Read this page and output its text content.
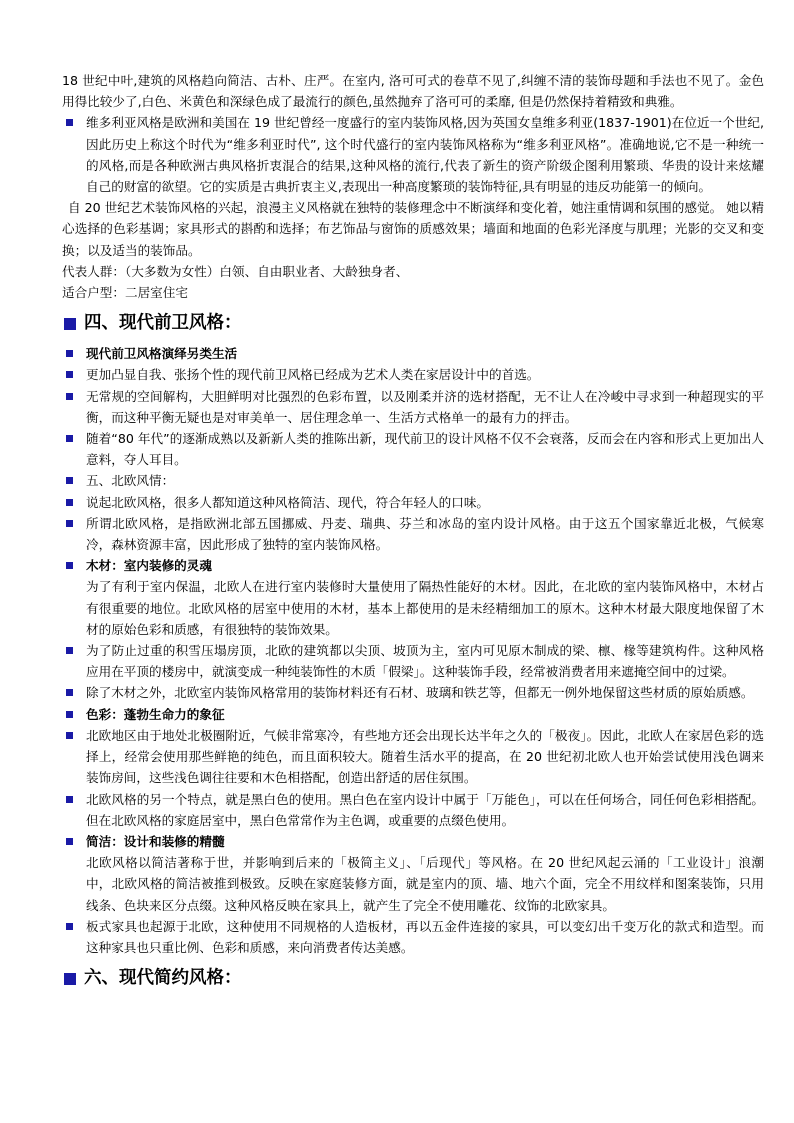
18 世纪中叶,建筑的风格趋向简洁、古朴、庄严。在室内, 洛可可式的卷草不见了,纠缠不清的装饰母题和手法也不见了。金色用得比较少了,白色、米黄色和深绿色成了最流行的颜色,虽然抛弃了洛可可的柔靡, 但是仍然保持着精致和典雅。

维多利亚风格是欧洲和美国在 19 世纪曾经一度盛行的室内装饰风格,因为英国女皇维多利亚(1837-1901)在位近一个世纪,因此历史上称这个时代为“维多利亚时代”, 这个时代盛行的室内装饰风格称为“维多利亚风格”。准确地说,它不是一种统一的风格,而是各种欧洲古典风格折衷混合的结果,这种风格的流行,代表了新生的资产阶级企图利用繁琐、华贵的设计来炫耀自己的财富的欲望。它的实质是古典折衷主义,表现出一种高度繁琐的装饰特征,具有明显的违反功能第一的倾向。

自 20 世纪艺术装饰风格的兴起，浪漫主义风格就在独特的装修理念中不断演绎和变化着，她注重情调和氛围的感觉。 她以精心选择的色彩基调；家具形式的斟酌和选择；布艺饰品与窗饰的质感效果；墙面和地面的色彩光泽度与肌理；光影的交叉和变换；以及适当的装饰品。

代表人群：（大多数为女性）白领、自由职业者、大龄独身者、

适合户型：二居室住宅

四、现代前卫风格：

现代前卫风格演绎另类生活

更加凸显自我、张扬个性的现代前卫风格已经成为艺术人类在家居设计中的首选。

无常规的空间解构，大胆鲜明对比强烈的色彩布置，以及刚柔并济的选材搭配，无不让人在冷峻中寻求到一种超现实的平衡，而这种平衡无疑也是对审美单一、居住理念单一、生活方式格单一的最有力的抨击。

随着“80 年代”的逐渐成熟以及新新人类的推陈出新，现代前卫的设计风格不仅不会衰落，反而会在内容和形式上更加出人意料，夺人耳目。

五、北欧风情：

说起北欧风格，很多人都知道这种风格简洁、现代，符合年轻人的口味。

所谓北欧风格，是指欧洲北部五国挪威、丹麦、瑞典、芬兰和冰岛的室内设计风格。由于这五个国家靠近北极，气候寒冷，森林资源丰富，因此形成了独特的室内装饰风格。

木材：室内装修的灵魂

为了有利于室内保温，北欧人在进行室内装修时大量使用了隔热性能好的木材。因此，在北欧的室内装饰风格中，木材占有很重要的地位。北欧风格的居室中使用的木材，基本上都使用的是未经精细加工的原木。这种木材最大限度地保留了木材的原始色彩和质感，有很独特的装饰效果。

为了防止过重的积雪压塌房顶，北欧的建筑都以尖顶、坡顶为主，室内可见原木制成的梁、檩、椽等建筑构件。这种风格应用在平顶的楼房中，就演变成一种纯装饰性的木质「假梁」。这种装饰手段，经常被消费者用来遮掩空间中的过梁。

除了木材之外，北欧室内装饰风格常用的装饰材料还有石材、玻璃和铁艺等，但都无一例外地保留这些材质的原始质感。

色彩：蓬勃生命力的象征

北欧地区由于地处北极圈附近，气候非常寒冷，有些地方还会出现长达半年之久的「极夜」。因此，北欧人在家居色彩的选择上，经常会使用那些鲜艳的纯色，而且面积较大。随着生活水平的提高，在 20 世纪初北欧人也开始尝试使用浅色调来装饰房间，这些浅色调往往要和木色相搭配，创造出舒适的居住氛围。

北欧风格的另一个特点，就是黑白色的使用。黑白色在室内设计中属于「万能色」，可以在任何场合，同任何色彩相搭配。但在北欧风格的家庭居室中，黑白色常常作为主色调，或重要的点缀色使用。

简洁：设计和装修的精髓

北欧风格以简洁著称于世，并影响到后来的「极简主义」、「后现代」等风格。在 20 世纪风起云涌的「工业设计」浪潮中，北欧风格的简洁被推到极致。反映在家庭装修方面，就是室内的顶、墙、地六个面，完全不用纹样和图案装饰，只用线条、色块来区分点缀。这种风格反映在家具上，就产生了完全不使用雕花、纹饰的北欧家具。

板式家具也起源于北欧，这种使用不同规格的人造板材，再以五金件连接的家具，可以变幻出千变万化的款式和造型。而这种家具也只重比例、色彩和质感，来向消费者传达美感。

六、现代简约风格：
